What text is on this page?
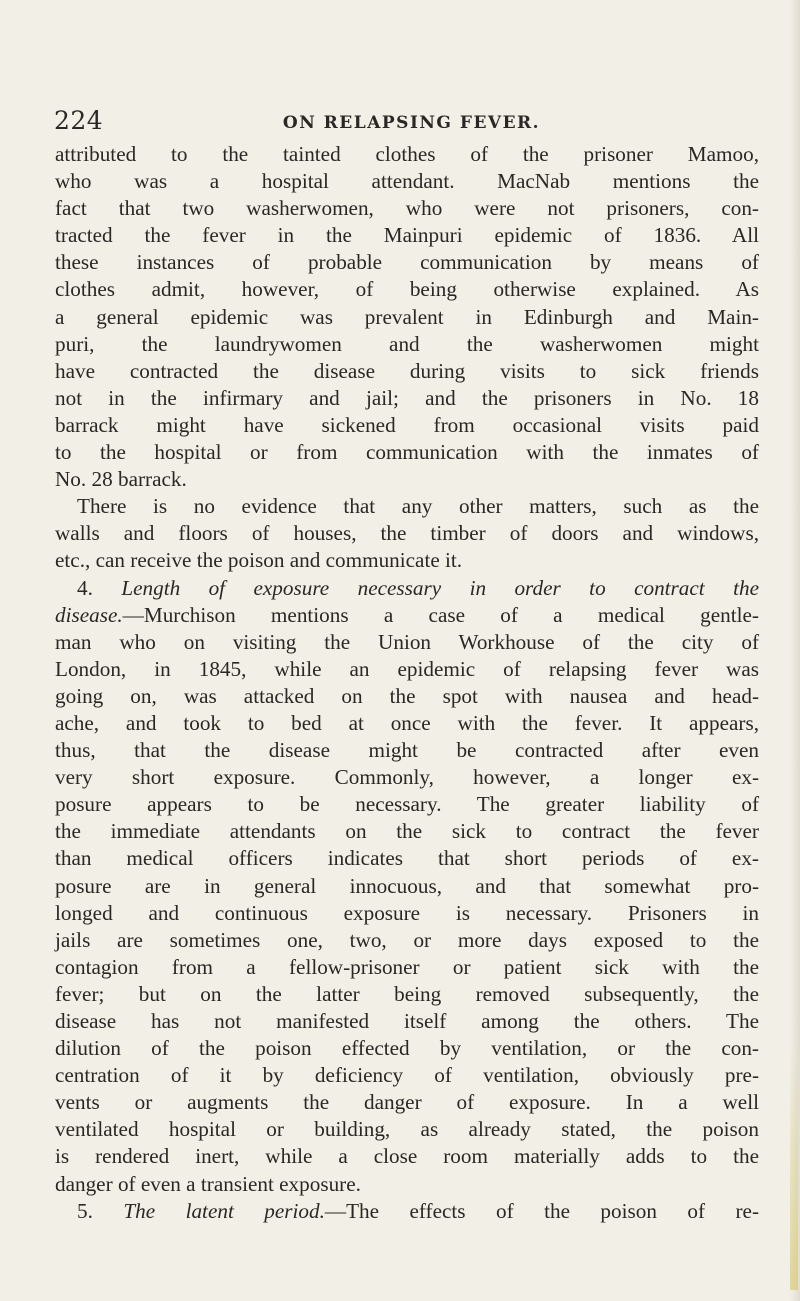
224	ON RELAPSING FEVER.
attributed to the tainted clothes of the prisoner Mamoo,
who was a hospital attendant. MacNab mentions the
fact that two washerwomen, who were not prisoners, con-
tracted the fever in the Mainpuri epidemic of 1836. All
these instances of probable communication by means of
clothes admit, however, of being otherwise explained. As
a general epidemic was prevalent in Edinburgh and Main-
puri, the laundrywomen and the washerwomen might
have contracted the disease during visits to sick friends
not in the infirmary and jail; and the prisoners in No. 18
barrack might have sickened from occasional visits paid
to the hospital or from communication with the inmates of
No. 28 barrack.
There is no evidence that any other matters, such as the
walls and floors of houses, the timber of doors and windows,
etc., can receive the poison and communicate it.
4. Length of exposure necessary in order to contract the
disease.—Murchison mentions a case of a medical gentle-
man who on visiting the Union Workhouse of the city of
London, in 1845, while an epidemic of relapsing fever was
going on, was attacked on the spot with nausea and head-
ache, and took to bed at once with the fever. It appears,
thus, that the disease might be contracted after even
very short exposure. Commonly, however, a longer ex-
posure appears to be necessary. The greater liability of
the immediate attendants on the sick to contract the fever
than medical officers indicates that short periods of ex-
posure are in general innocuous, and that somewhat pro-
longed and continuous exposure is necessary. Prisoners in
jails are sometimes one, two, or more days exposed to the
contagion from a fellow-prisoner or patient sick with the
fever; but on the latter being removed subsequently, the
disease has not manifested itself among the others. The
dilution of the poison effected by ventilation, or the con-
centration of it by deficiency of ventilation, obviously pre-
vents or augments the danger of exposure. In a well
ventilated hospital or building, as already stated, the poison
is rendered inert, while a close room materially adds to the
danger of even a transient exposure.
5. The latent period.—The effects of the poison of re-
